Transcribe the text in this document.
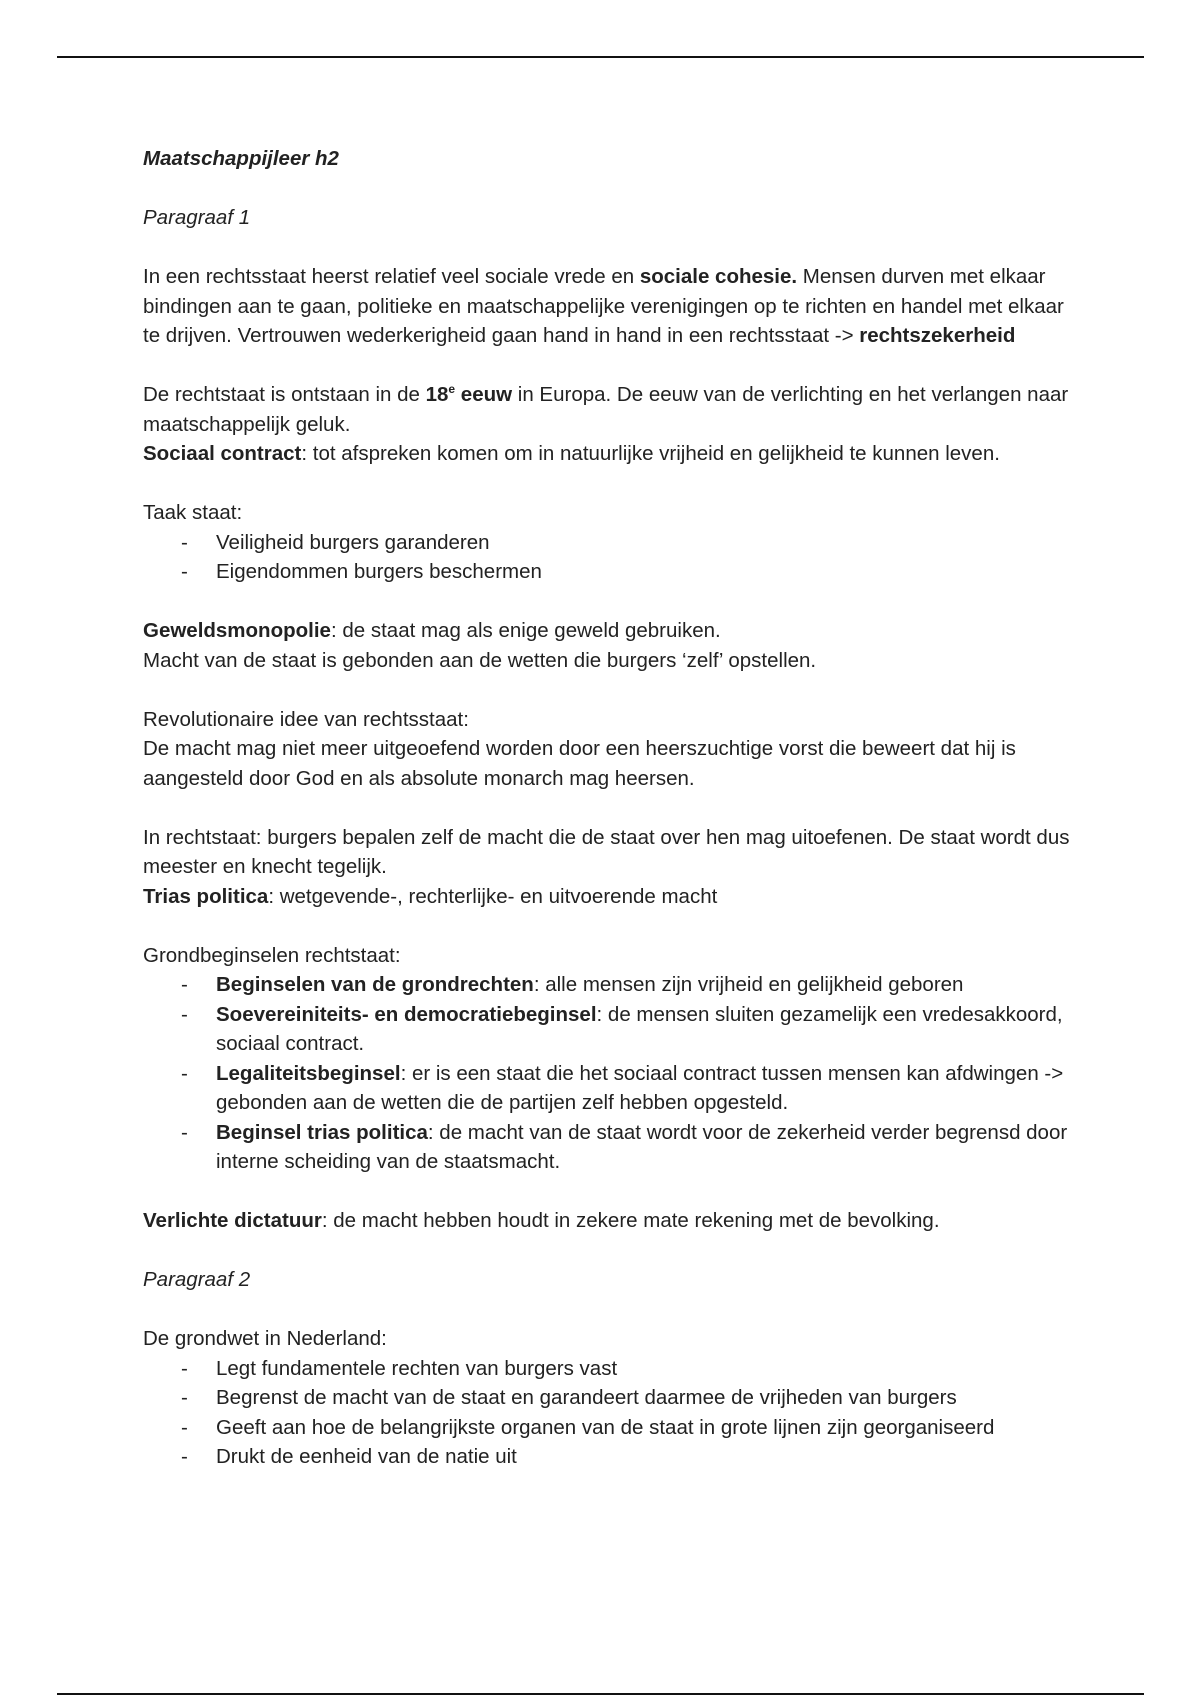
Maatschappijleer h2

Paragraaf 1

In een rechtsstaat heerst relatief veel sociale vrede en sociale cohesie. Mensen durven met elkaar bindingen aan te gaan, politieke en maatschappelijke verenigingen op te richten en handel met elkaar te drijven. Vertrouwen wederkerigheid gaan hand in hand in een rechtsstaat -> rechtszekerheid

De rechtstaat is ontstaan in de 18e eeuw in Europa. De eeuw van de verlichting en het verlangen naar maatschappelijk geluk.

Sociaal contract: tot afspreken komen om in natuurlijke vrijheid en gelijkheid te kunnen leven.

Taak staat:

- Veiligheid burgers garanderen
- Eigendommen burgers beschermen

Geweldsmonopolie: de staat mag als enige geweld gebruiken.

Macht van de staat is gebonden aan de wetten die burgers ‘zelf’ opstellen.

Revolutionaire idee van rechtsstaat:

De macht mag niet meer uitgeoefend worden door een heerszuchtige vorst die beweert dat hij is aangesteld door God en als absolute monarch mag heersen.

In rechtstaat: burgers bepalen zelf de macht die de staat over hen mag uitoefenen. De staat wordt dus meester en knecht tegelijk.

Trias politica: wetgevende-, rechterlijke- en uitvoerende macht

Grondbeginselen rechtstaat:

- Beginselen van de grondrechten: alle mensen zijn vrijheid en gelijkheid geboren
- Soevereiniteits- en democratiebeginsel: de mensen sluiten gezamelijk een vredesakkoord, sociaal contract.
- Legaliteitsbeginsel: er is een staat die het sociaal contract tussen mensen kan afdwingen -> gebonden aan de wetten die de partijen zelf hebben opgesteld.
- Beginsel trias politica: de macht van de staat wordt voor de zekerheid verder begrensd door interne scheiding van de staatsmacht.

Verlichte dictatuur: de macht hebben houdt in zekere mate rekening met de bevolking.

Paragraaf 2

De grondwet in Nederland:

- Legt fundamentele rechten van burgers vast
- Begrenst de macht van de staat en garandeert daarmee de vrijheden van burgers
- Geeft aan hoe de belangrijkste organen van de staat in grote lijnen zijn georganiseerd
- Drukt de eenheid van de natie uit
